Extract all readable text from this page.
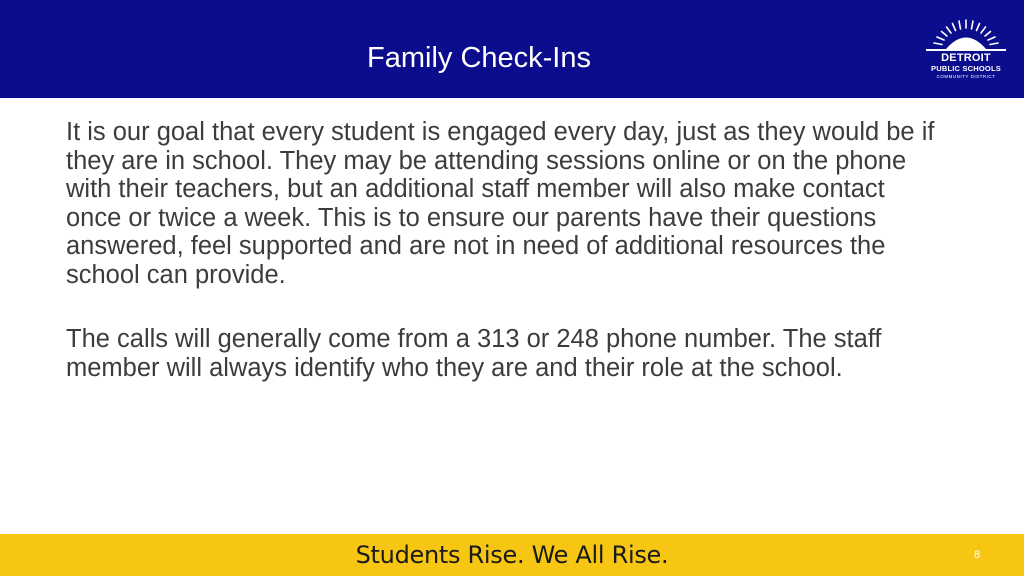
Family Check-Ins	DETROIT
PUBLIC SCHOOLS
COMMUNITY DISTRICT

It is our goal that every student is engaged every day, just as they would be if they are in school. They may be attending sessions online or on the phone with their teachers, but an additional staff member will also make contact once or twice a week. This is to ensure our parents have their questions answered, feel supported and are not in need of additional resources the school can provide.

The calls will generally come from a 313 or 248 phone number. The staff member will always identify who they are and their role at the school.

Students Rise. We All Rise.	8
